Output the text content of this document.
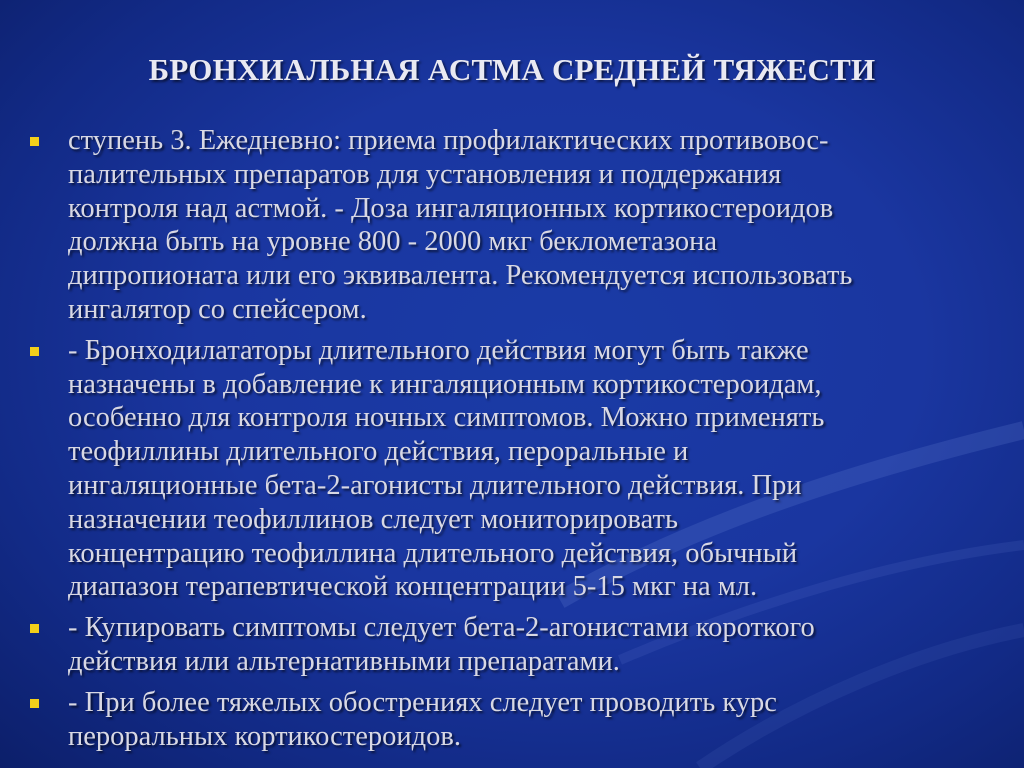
БРОНХИАЛЬНАЯ АСТМА СРЕДНЕЙ ТЯЖЕСТИ
ступень 3. Ежедневно: приема профилактических противовос-
палительных препаратов для установления и поддержания
контроля над астмой. - Доза ингаляционных кортикостероидов
должна быть на уровне 800 - 2000 мкг беклометазона
дипропионата или его эквивалента. Рекомендуется использовать
ингалятор со спейсером.
- Бронходилататоры длительного действия могут быть также
назначены в добавление к ингаляционным кортикостероидам,
особенно для контроля ночных симптомов. Можно применять
теофиллины длительного действия, пероральные и
ингаляционные бета-2-агонисты длительного действия. При
назначении теофиллинов следует мониторировать
концентрацию теофиллина длительного действия, обычный
диапазон терапевтической концентрации 5-15 мкг на мл.
- Купировать симптомы следует бета-2-агонистами короткого
действия или альтернативными препаратами.
- При более тяжелых обострениях следует проводить курс
пероральных кортикостероидов.
